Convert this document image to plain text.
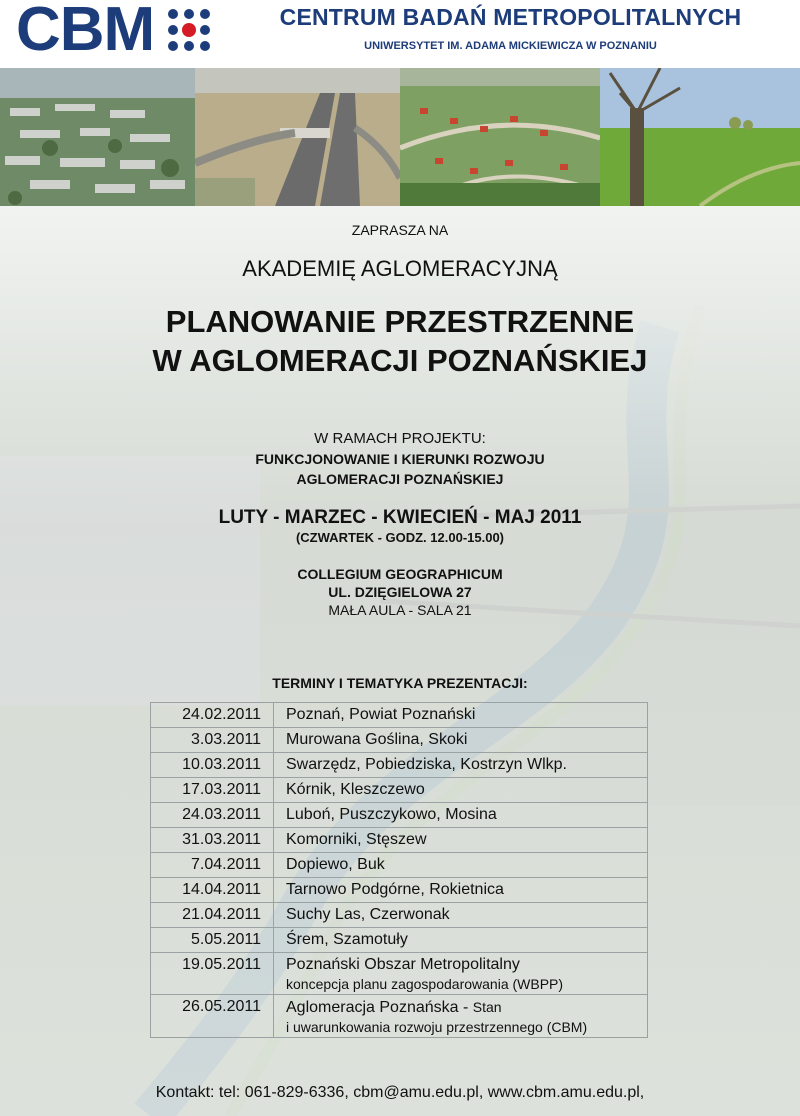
CBM	CENTRUM BADAŃ METROPOLITALNYCH
UNIWERSYTET IM. ADAMA MICKIEWICZA W POZNANIU
ZAPRASZA NA
AKADEMIĘ AGLOMERACYJNĄ
PLANOWANIE PRZESTRZENNE
W AGLOMERACJI POZNAŃSKIEJ
W RAMACH PROJEKTU:
FUNKCJONOWANIE I KIERUNKI ROZWOJU
AGLOMERACJI POZNAŃSKIEJ
LUTY - MARZEC - KWIECIEŃ - MAJ 2011
(CZWARTEK - GODZ. 12.00-15.00)
COLLEGIUM GEOGRAPHICUM
UL. DZIĘGIELOWA 27
MAŁA AULA - SALA 21
TERMINY I TEMATYKA PREZENTACJI:
24.02.2011	Poznań, Powiat Poznański
3.03.2011	Murowana Goślina, Skoki
10.03.2011	Swarzędz, Pobiedziska, Kostrzyn Wlkp.
17.03.2011	Kórnik, Kleszczewo
24.03.2011	Luboń, Puszczykowo, Mosina
31.03.2011	Komorniki, Stęszew
7.04.2011	Dopiewo, Buk
14.04.2011	Tarnowo Podgórne, Rokietnica
21.04.2011	Suchy Las, Czerwonak
5.05.2011	Śrem, Szamotuły
19.05.2011	Poznański Obszar Metropolitalny
koncepcja planu zagospodarowania (WBPP)

26.05.2011	Aglomeracja Poznańska - Stan
i uwarunkowania rozwoju przestrzennego (CBM)
Kontakt: tel: 061-829-6336, cbm@amu.edu.pl, www.cbm.amu.edu.pl,
